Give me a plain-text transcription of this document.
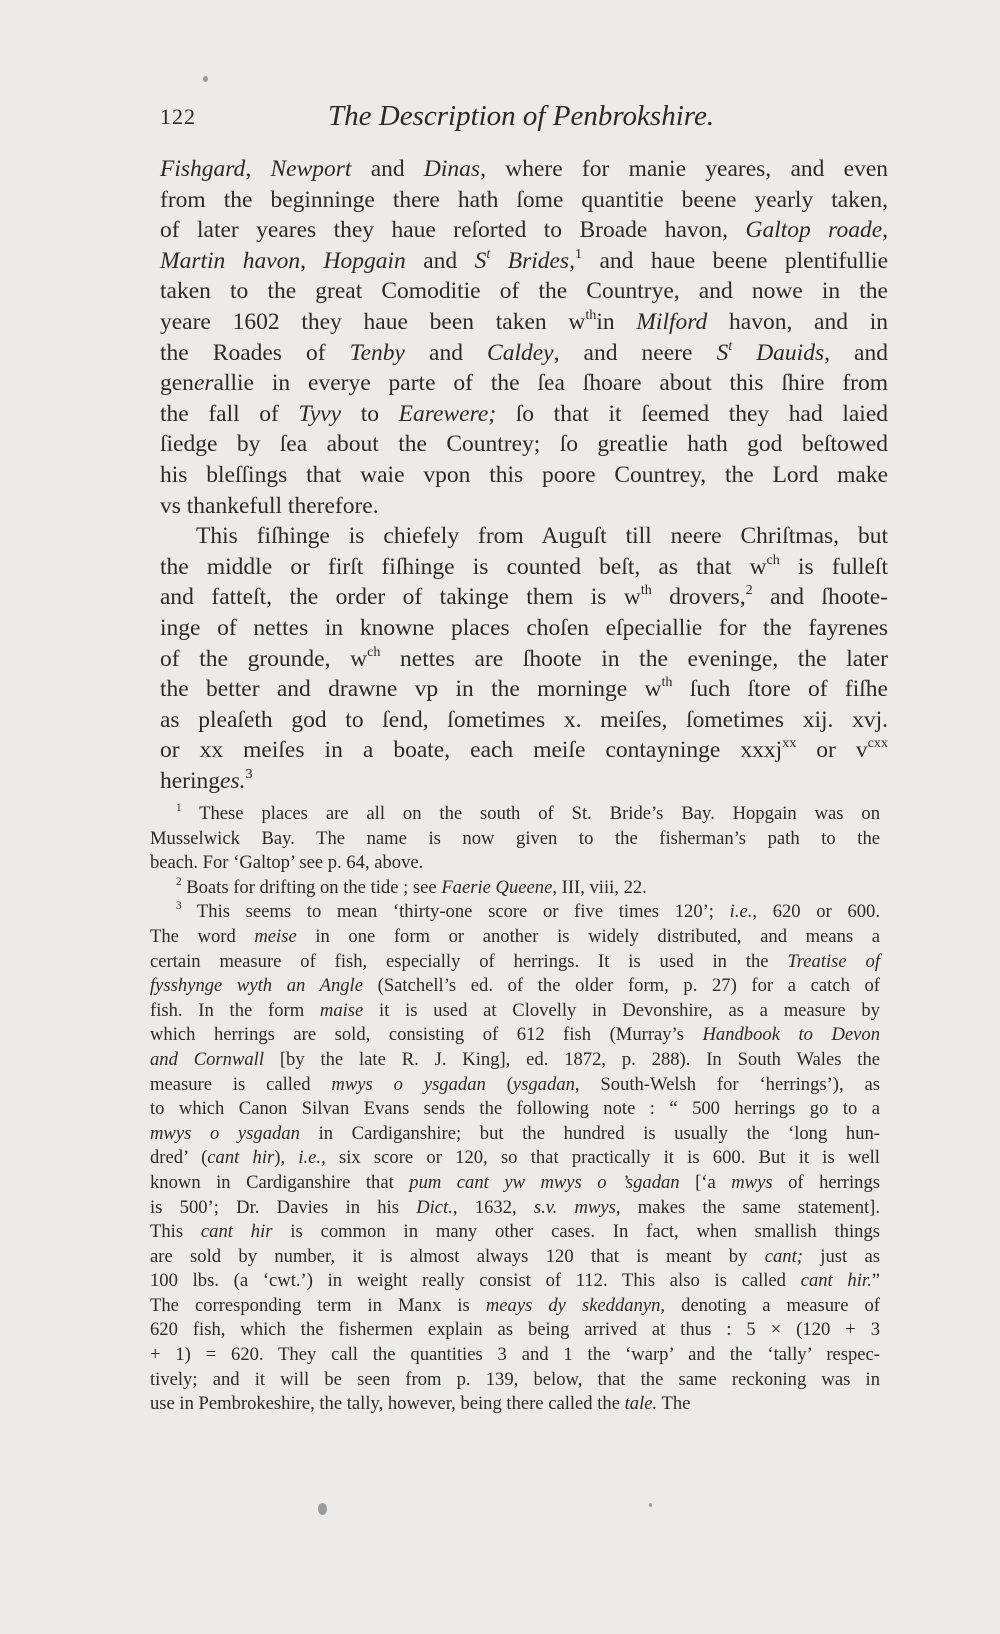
122	The Description of Penbrokshire.
Fishgard, Newport and Dinas, where for manie yeares, and even
from the beginninge there hath ſome quantitie beene yearly taken,
of later yeares they haue reſorted to Broade havon, Galtop roade,
Martin havon, Hopgain and $S^t$ Brides,$^1$ and haue beene plentifullie
taken to the great Comoditie of the Countrye, and nowe in the
yeare 1602 they haue been taken $w^{th}in$ Milford havon, and in
the Roades of Tenby and Caldey, and neere $S^t$ Dauids, and
generallie in everye parte of the ſea ſhoare about this ſhire from
the fall of Tyvy to Earewere; ſo that it ſeemed they had laied
ſiedge by ſea about the Countrey; ſo greatlie hath god beſtowed
his bleſſings that waie vpon this poore Countrey, the Lord make
vs thankefull therefore.
This fiſhinge is chiefely from Auguſt till neere Chriſtmas, but
the middle or firſt fiſhinge is counted beſt, as that $w^{ch}$ is fulleſt
and fatteſt, the order of takinge them is $w^{th}$ drovers,$^2$ and ſhoote-
inge of nettes in knowne places choſen eſpeciallie for the fayrenes
of the grounde, $w^{ch}$ nettes are ſhoote in the eveninge, the later
the better and drawne vp in the morninge $w^{th}$ ſuch ſtore of fiſhe
as pleaſeth god to ſend, ſometimes x. meiſes, ſometimes xij. xvj.
or xx meiſes in a boate, each meiſe contayninge xxxj$^{xx}$ or $v^{cxx}$
heringes.$^3$
$^1$ These places are all on the south of St. Bride’s Bay. Hopgain was on
Musselwick Bay. The name is now given to the fisherman’s path to the
beach. For ‘Galtop’ see p. 64, above.
$^2$ Boats for drifting on the tide ; see Faerie Queene, III, viii, 22.
$^3$ This seems to mean ‘thirty-one score or five times 120’; i.e., 620 or 600.
The word meise in one form or another is widely distributed, and means a
certain measure of fish, especially of herrings. It is used in the Treatise of
fysshynge wyth an Angle (Satchell’s ed. of the older form, p. 27) for a catch of
fish. In the form maise it is used at Clovelly in Devonshire, as a measure by
which herrings are sold, consisting of 612 fish (Murray’s Handbook to Devon
and Cornwall [by the late R. J. King], ed. 1872, p. 288). In South Wales the
measure is called mwys o ysgadan (ysgadan, South-Welsh for ‘herrings’), as
to which Canon Silvan Evans sends the following note : “ 500 herrings go to a
mwys o ysgadan in Cardiganshire; but the hundred is usually the ‘long hun-
dred’ (cant hir), i.e., six score or 120, so that practically it is 600. But it is well
known in Cardiganshire that pum cant yw mwys o ’sgadan [‘a mwys of herrings
is 500’; Dr. Davies in his Dict., 1632, s.v. mwys, makes the same statement].
This cant hir is common in many other cases. In fact, when smallish things
are sold by number, it is almost always 120 that is meant by cant; just as
100 lbs. (a ‘cwt.’) in weight really consist of 112. This also is called cant hir.”
The corresponding term in Manx is meays dy skeddanyn, denoting a measure of
620 fish, which the fishermen explain as being arrived at thus : 5 × (120 + 3
+ 1) = 620. They call the quantities 3 and 1 the ‘warp’ and the ‘tally’ respec-
tively; and it will be seen from p. 139, below, that the same reckoning was in
use in Pembrokeshire, the tally, however, being there called the tale. The
